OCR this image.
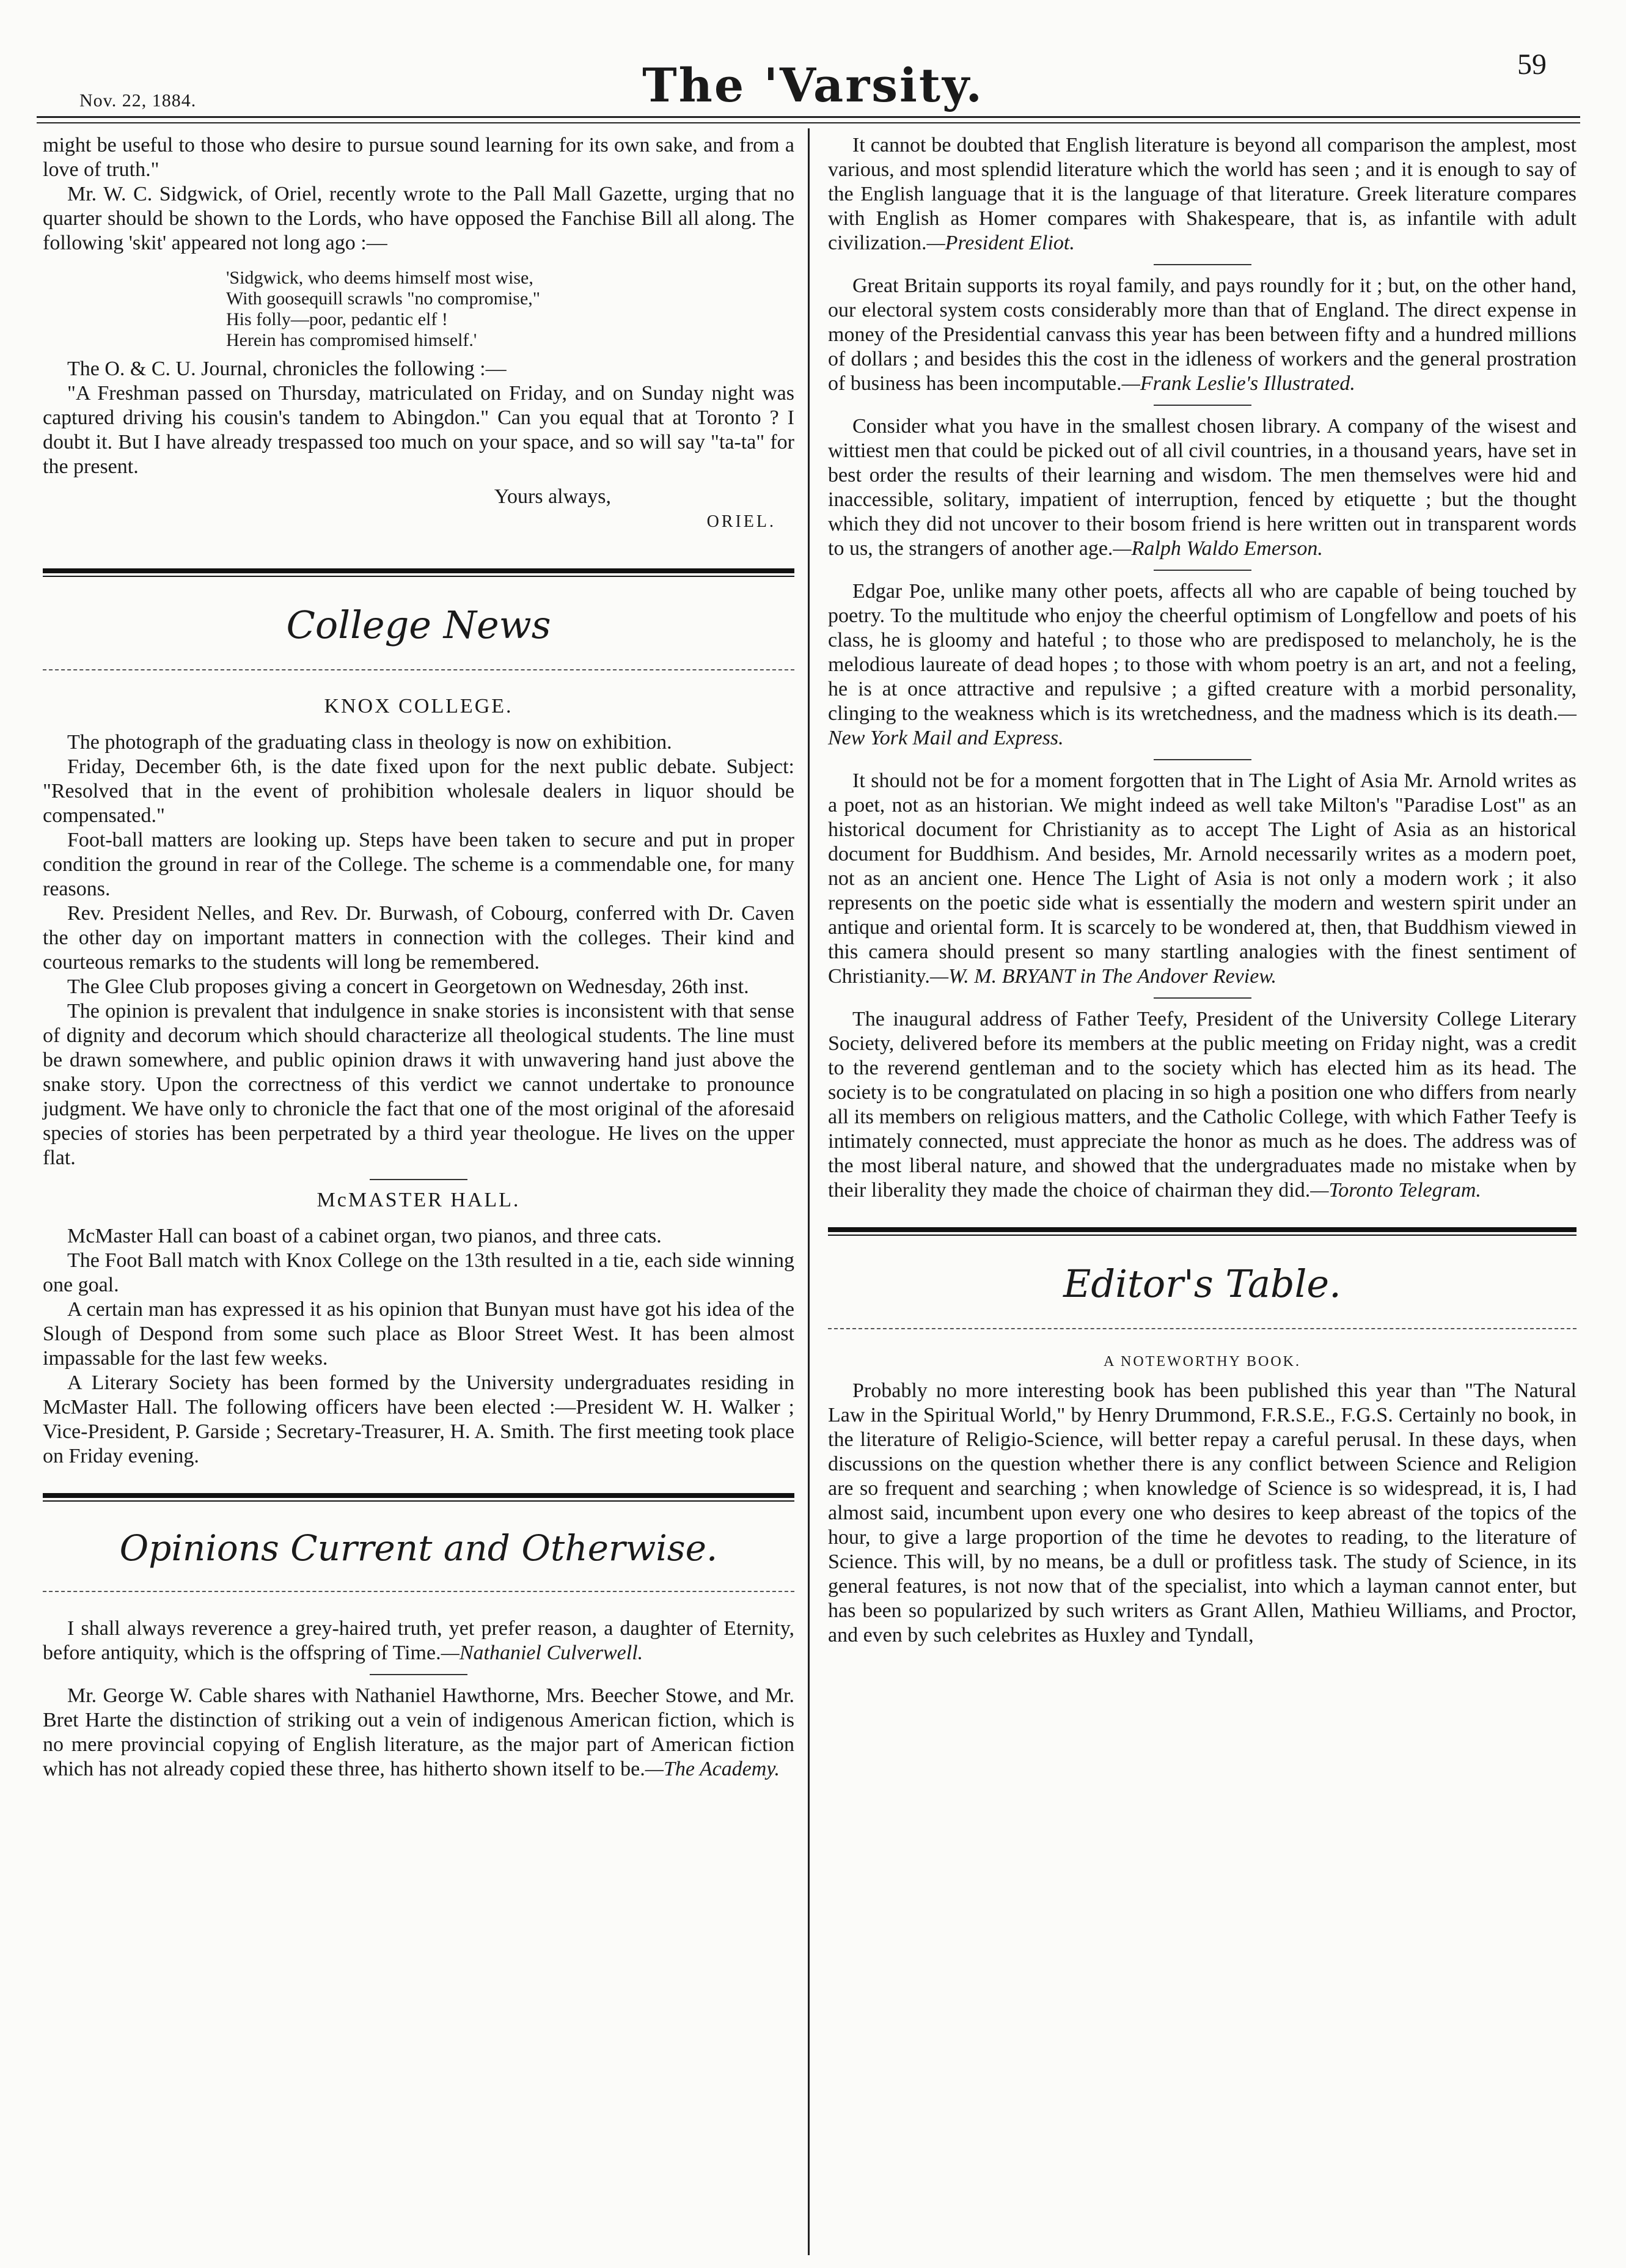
Nov. 22, 1884.	The 'Varsity.	59

might be useful to those who desire to pursue sound learning for its own sake, and from a love of truth."

Mr. W. C. Sidgwick, of Oriel, recently wrote to the Pall Mall Gazette, urging that no quarter should be shown to the Lords, who have opposed the Fanchise Bill all along. The following 'skit' appeared not long ago :—

'Sidgwick, who deems himself most wise,
With goosequill scrawls "no compromise,"
His folly—poor, pedantic elf !
Herein has compromised himself.'

The O. & C. U. Journal, chronicles the following :—

"A Freshman passed on Thursday, matriculated on Friday, and on Sunday night was captured driving his cousin's tandem to Abingdon." Can you equal that at Toronto ? I doubt it. But I have already trespassed too much on your space, and so will say "ta-ta" for the present.

Yours always,
ORIEL.
College News
KNOX COLLEGE.

The photograph of the graduating class in theology is now on exhibition.

Friday, December 6th, is the date fixed upon for the next public debate. Subject: "Resolved that in the event of prohibition wholesale dealers in liquor should be compensated."

Foot-ball matters are looking up. Steps have been taken to secure and put in proper condition the ground in rear of the College. The scheme is a commendable one, for many reasons.

Rev. President Nelles, and Rev. Dr. Burwash, of Cobourg, conferred with Dr. Caven the other day on important matters in connection with the colleges. Their kind and courteous remarks to the students will long be remembered.

The Glee Club proposes giving a concert in Georgetown on Wednesday, 26th inst.

The opinion is prevalent that indulgence in snake stories is inconsistent with that sense of dignity and decorum which should characterize all theological students. The line must be drawn somewhere, and public opinion draws it with unwavering hand just above the snake story. Upon the correctness of this verdict we cannot undertake to pronounce judgment. We have only to chronicle the fact that one of the most original of the aforesaid species of stories has been perpetrated by a third year theologue. He lives on the upper flat.

McMASTER HALL.

McMaster Hall can boast of a cabinet organ, two pianos, and three cats.

The Foot Ball match with Knox College on the 13th resulted in a tie, each side winning one goal.

A certain man has expressed it as his opinion that Bunyan must have got his idea of the Slough of Despond from some such place as Bloor Street West. It has been almost impassable for the last few weeks.

A Literary Society has been formed by the University undergraduates residing in McMaster Hall. The following officers have been elected :—President W. H. Walker ; Vice-President, P. Garside ; Secretary-Treasurer, H. A. Smith. The first meeting took place on Friday evening.

Opinions Current and Otherwise.

I shall always reverence a grey-haired truth, yet prefer reason, a daughter of Eternity, before antiquity, which is the offspring of Time.—Nathaniel Culverwell.

Mr. George W. Cable shares with Nathaniel Hawthorne, Mrs. Beecher Stowe, and Mr. Bret Harte the distinction of striking out a vein of indigenous American fiction, which is no mere provincial copying of English literature, as the major part of American fiction which has not already copied these three, has hitherto shown itself to be.—The Academy.

It cannot be doubted that English literature is beyond all comparison the amplest, most various, and most splendid literature which the world has seen ; and it is enough to say of the English language that it is the language of that literature. Greek literature compares with English as Homer compares with Shakespeare, that is, as infantile with adult civilization.—President Eliot.

Great Britain supports its royal family, and pays roundly for it ; but, on the other hand, our electoral system costs considerably more than that of England. The direct expense in money of the Presidential canvass this year has been between fifty and a hundred millions of dollars ; and besides this the cost in the idleness of workers and the general prostration of business has been incomputable.—Frank Leslie's Illustrated.

Consider what you have in the smallest chosen library. A company of the wisest and wittiest men that could be picked out of all civil countries, in a thousand years, have set in best order the results of their learning and wisdom. The men themselves were hid and inaccessible, solitary, impatient of interruption, fenced by etiquette ; but the thought which they did not uncover to their bosom friend is here written out in transparent words to us, the strangers of another age.—Ralph Waldo Emerson.

Edgar Poe, unlike many other poets, affects all who are capable of being touched by poetry. To the multitude who enjoy the cheerful optimism of Longfellow and poets of his class, he is gloomy and hateful ; to those who are predisposed to melancholy, he is the melodious laureate of dead hopes ; to those with whom poetry is an art, and not a feeling, he is at once attractive and repulsive ; a gifted creature with a morbid personality, clinging to the weakness which is its wretchedness, and the madness which is its death.—New York Mail and Express.

It should not be for a moment forgotten that in The Light of Asia Mr. Arnold writes as a poet, not as an historian. We might indeed as well take Milton's "Paradise Lost" as an historical document for Christianity as to accept The Light of Asia as an historical document for Buddhism. And besides, Mr. Arnold necessarily writes as a modern poet, not as an ancient one. Hence The Light of Asia is not only a modern work ; it also represents on the poetic side what is essentially the modern and western spirit under an antique and oriental form. It is scarcely to be wondered at, then, that Buddhism viewed in this camera should present so many startling analogies with the finest sentiment of Christianity.—W. M. BRYANT in The Andover Review.

The inaugural address of Father Teefy, President of the University College Literary Society, delivered before its members at the public meeting on Friday night, was a credit to the reverend gentleman and to the society which has elected him as its head. The society is to be congratulated on placing in so high a position one who differs from nearly all its members on religious matters, and the Catholic College, with which Father Teefy is intimately connected, must appreciate the honor as much as he does. The address was of the most liberal nature, and showed that the undergraduates made no mistake when by their liberality they made the choice of chairman they did.—Toronto Telegram.

Editor's Table.
A NOTEWORTHY BOOK.

Probably no more interesting book has been published this year than "The Natural Law in the Spiritual World," by Henry Drummond, F.R.S.E., F.G.S. Certainly no book, in the literature of Religio-Science, will better repay a careful perusal. In these days, when discussions on the question whether there is any conflict between Science and Religion are so frequent and searching ; when knowledge of Science is so widespread, it is, I had almost said, incumbent upon every one who desires to keep abreast of the topics of the hour, to give a large proportion of the time he devotes to reading, to the literature of Science. This will, by no means, be a dull or profitless task. The study of Science, in its general features, is not now that of the specialist, into which a layman cannot enter, but has been so popularized by such writers as Grant Allen, Mathieu Williams, and Proctor, and even by such celebrites as Huxley and Tyndall,
